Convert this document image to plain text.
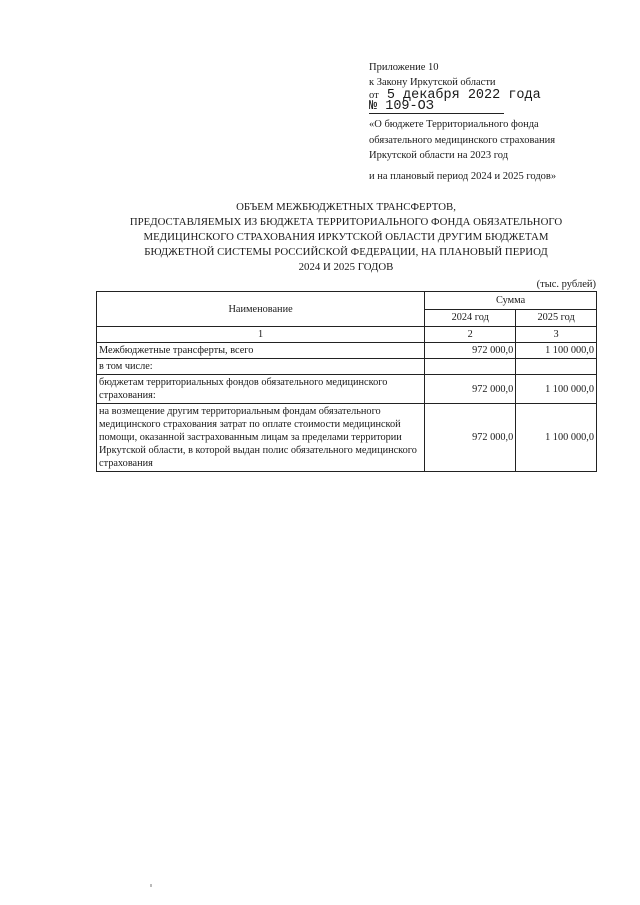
Приложение 10
к Закону Иркутской области
от 5 декабря 2022 года
№ 109-ОЗ
«О бюджете Территориального фонда
обязательного медицинского страхования
Иркутской области на 2023 год
и на плановый период 2024 и 2025 годов»
ОБЪЕМ МЕЖБЮДЖЕТНЫХ ТРАНСФЕРТОВ,
ПРЕДОСТАВЛЯЕМЫХ ИЗ БЮДЖЕТА ТЕРРИТОРИАЛЬНОГО ФОНДА ОБЯЗАТЕЛЬНОГО
МЕДИЦИНСКОГО СТРАХОВАНИЯ ИРКУТСКОЙ ОБЛАСТИ ДРУГИМ БЮДЖЕТАМ
БЮДЖЕТНОЙ СИСТЕМЫ РОССИЙСКОЙ ФЕДЕРАЦИИ, НА ПЛАНОВЫЙ ПЕРИОД
2024 И 2025 ГОДОВ
(тыс. рублей)
Наименование	Сумма	
	2024 год	2025 год
1	2	3
Межбюджетные трансферты, всего	972 000,0	1 100 000,0
в том числе:		
бюджетам территориальных фондов обязательного медицинского страхования:	972 000,0	1 100 000,0
на возмещение другим территориальным фондам обязательного медицинского страхования затрат по оплате стоимости медицинской помощи, оказанной застрахованным лицам за пределами территории Иркутской области, в которой выдан полис обязательного медицинского страхования	972 000,0	1 100 000,0
